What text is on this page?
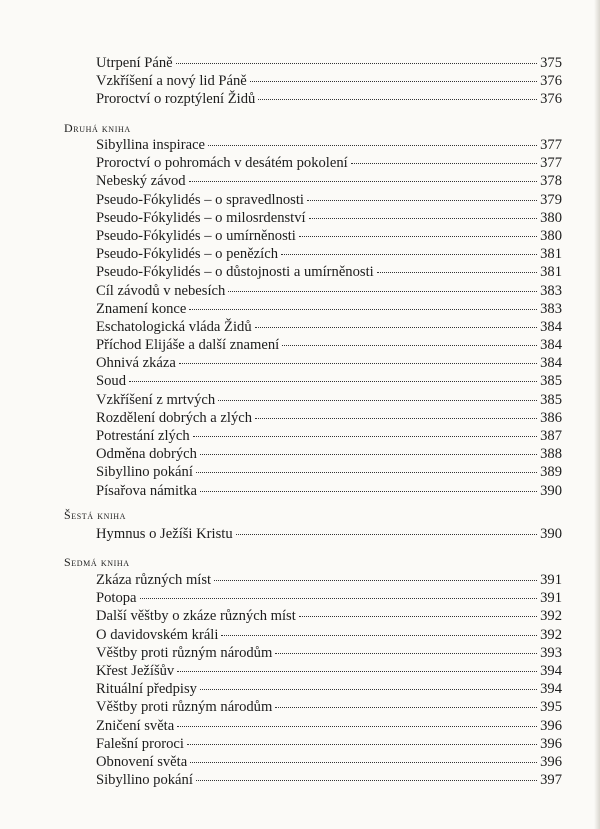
Utrpení Páně	375
Vzkříšení a nový lid Páně	376
Proroctví o rozptýlení Židů	376
Druhá kniha
Sibyllina inspirace	377
Proroctví o pohromách v desátém pokolení	377
Nebeský závod	378
Pseudo-Fókylidés – o spravedlnosti	379
Pseudo-Fókylidés – o milosrdenství	380
Pseudo-Fókylidés – o umírněnosti	380
Pseudo-Fókylidés – o penězích	381
Pseudo-Fókylidés – o důstojnosti a umírněnosti	381
Cíl závodů v nebesích	383
Znamení konce	383
Eschatologická vláda Židů	384
Příchod Elijáše a další znamení	384
Ohnivá zkáza	384
Soud	385
Vzkříšení z mrtvých	385
Rozdělení dobrých a zlých	386
Potrestání zlých	387
Odměna dobrých	388
Sibyllino pokání	389
Písařova námitka	390
Šestá kniha
Hymnus o Ježíši Kristu	390
Sedmá kniha
Zkáza různých míst	391
Potopa	391
Další věštby o zkáze různých míst	392
O davidovském králi	392
Věštby proti různým národům	393
Křest Ježíšův	394
Rituální předpisy	394
Věštby proti různým národům	395
Zničení světa	396
Falešní proroci	396
Obnovení světa	396
Sibyllino pokání	397
